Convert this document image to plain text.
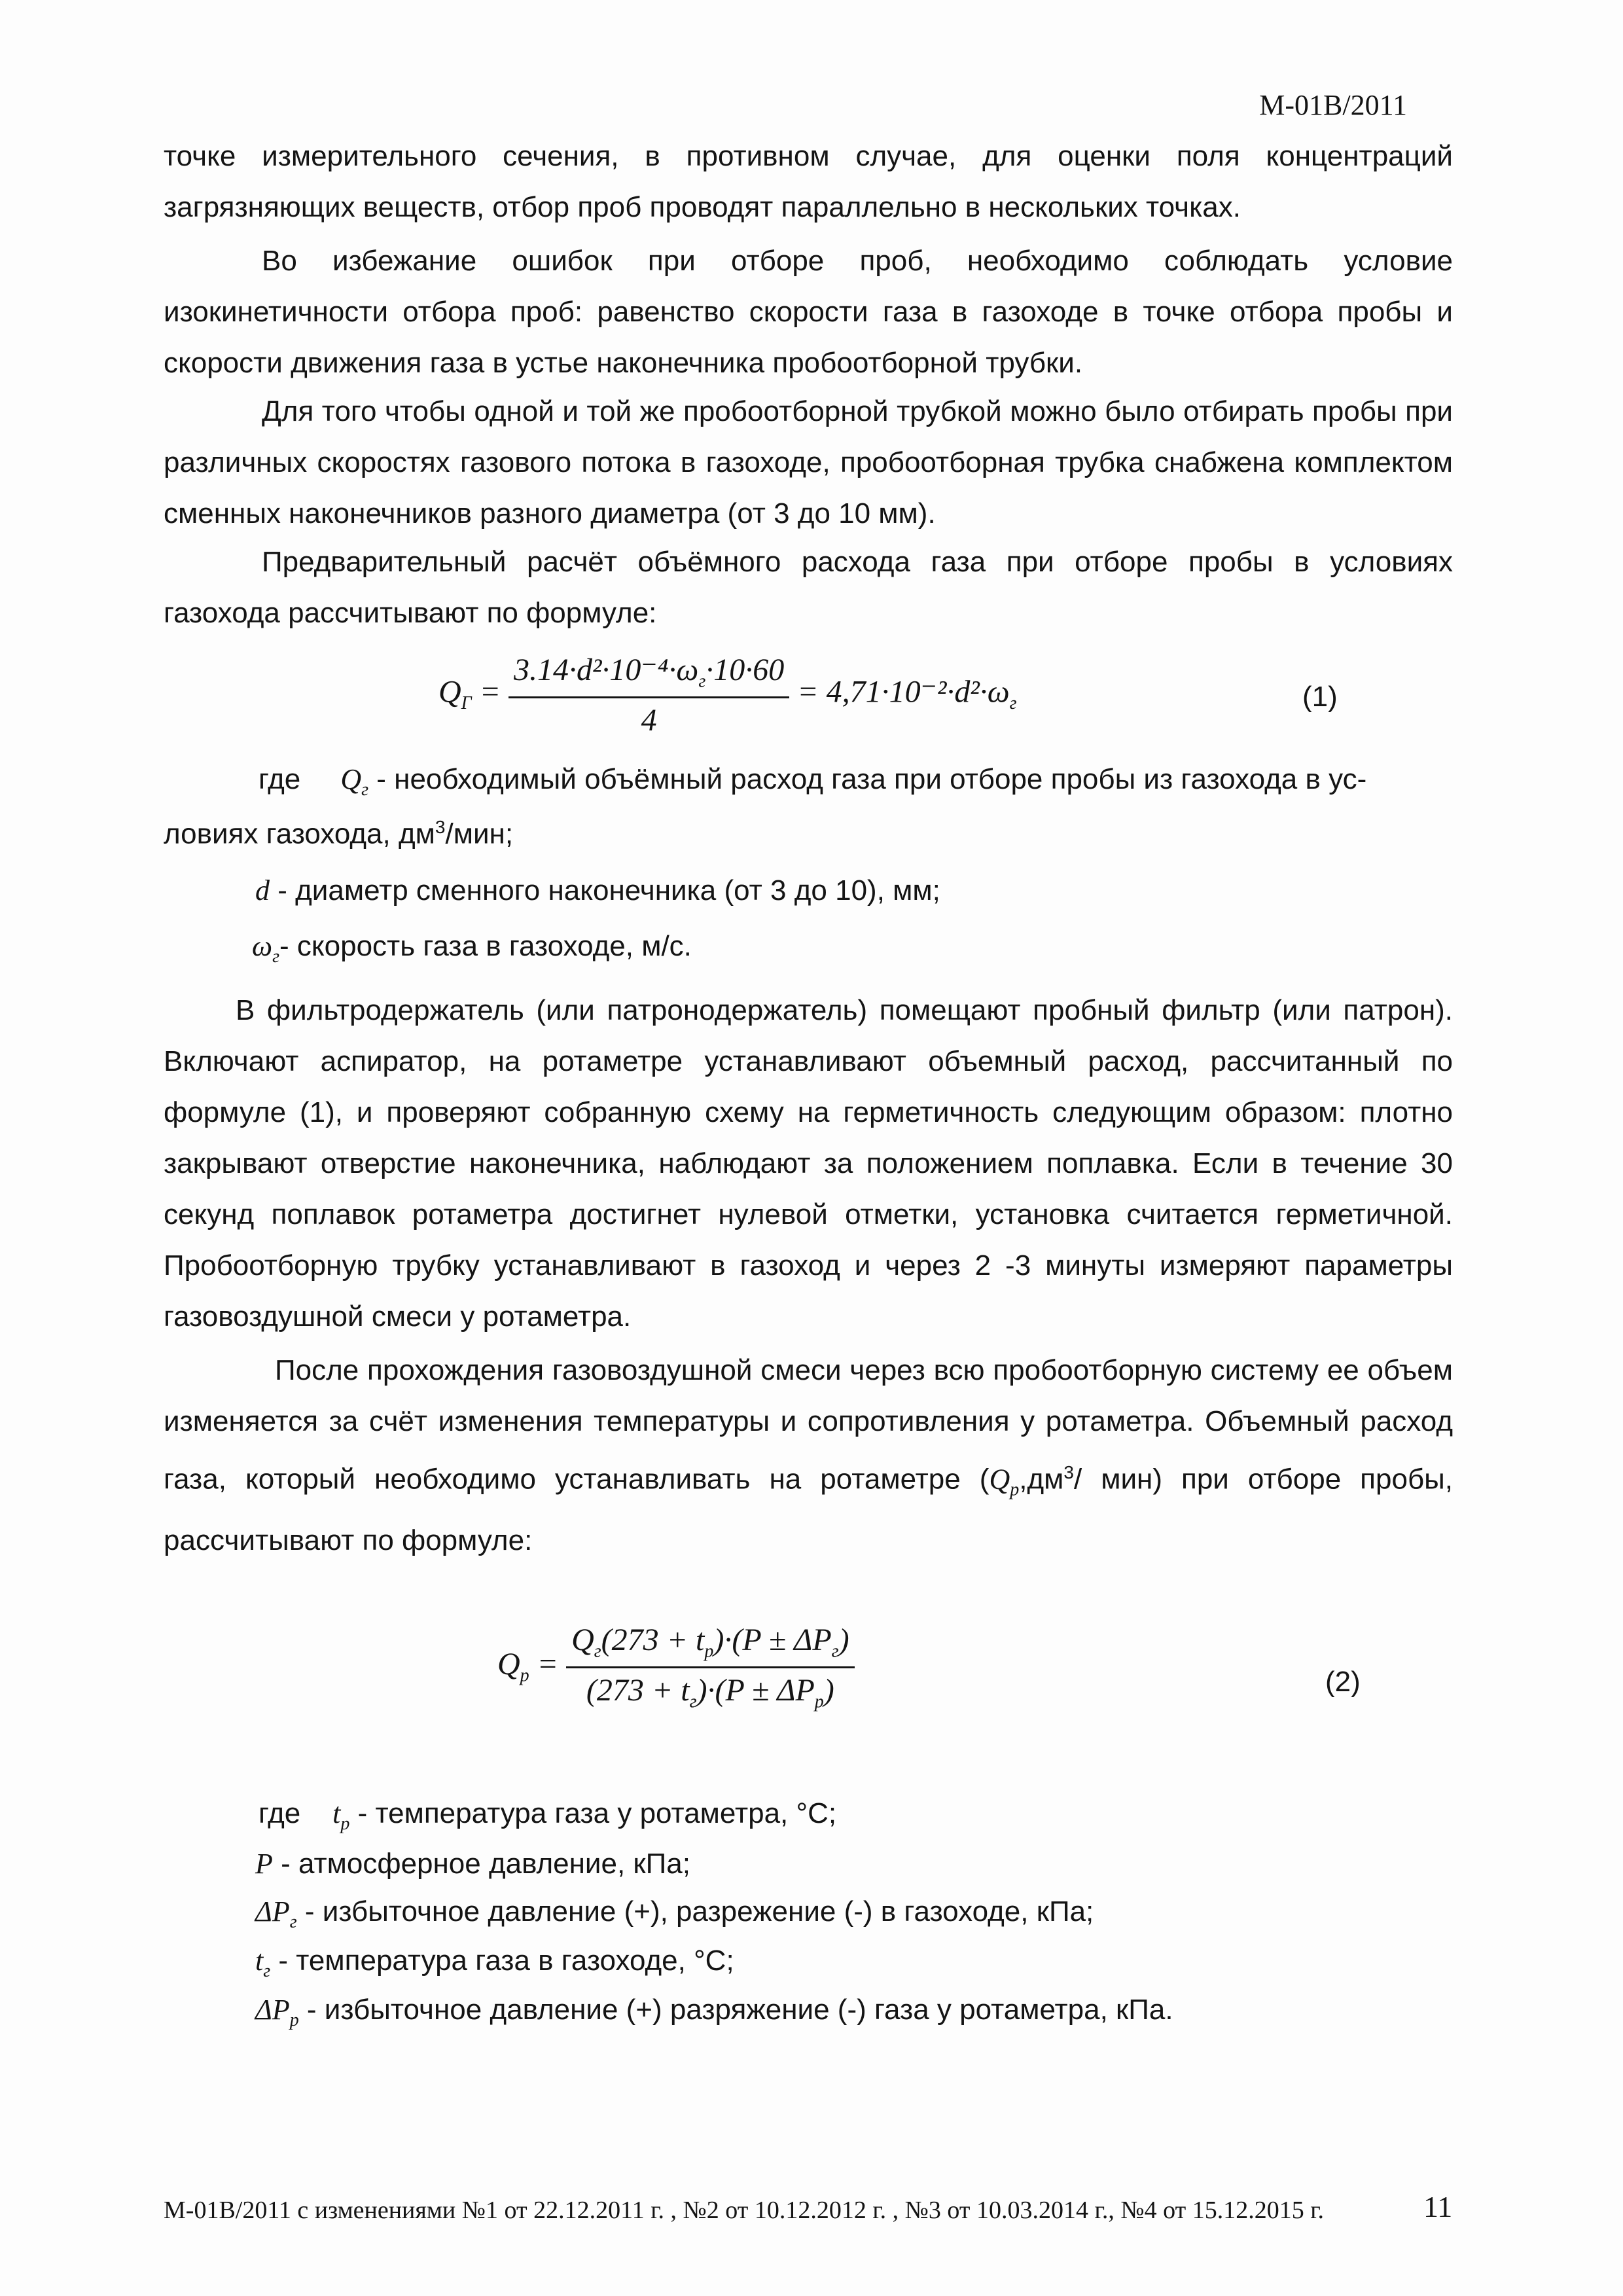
М-01В/2011

точке измерительного сечения, в противном случае, для оценки поля концентраций загрязняющих веществ, отбор проб проводят параллельно в нескольких точках.

Во избежание ошибок при отборе проб, необходимо соблюдать условие изокинетичности отбора проб: равенство скорости газа в газоходе в точке отбора пробы и скорости движения газа в устье наконечника пробоотборной трубки.

Для того чтобы одной и той же пробоотборной трубкой можно было отбирать пробы при различных скоростях газового потока в газоходе, пробоотборная трубка снабжена комплектом сменных наконечников разного диаметра (от 3 до 10 мм).

Предварительный расчёт объёмного расхода газа при отборе пробы в условиях газохода рассчитывают по формуле:

$Q_Г = \frac{3.14\cdot d^2\cdot 10^{-4}\cdot\omega_г\cdot 10\cdot 60}{4} = 4,71\cdot 10^{-2}\cdot d^2\cdot\omega_г$	(1)
где $Q_г$ - необходимый объёмный расход газа при отборе пробы из газохода в ус-
ловиях газохода, $дм^3$/мин;
d - диаметр сменного наконечника (от 3 до 10), мм;
$\omega_г-$ скорость газа в газоходе, м/с.

В фильтродержатель (или патронодержатель) помещают пробный фильтр (или патрон). Включают аспиратор, на ротаметре устанавливают объемный расход, рассчитанный по формуле (1), и проверяют собранную схему на герметичность следующим образом: плотно закрывают отверстие наконечника, наблюдают за положением поплавка. Если в течение 30 секунд поплавок ротаметра достигнет нулевой отметки, установка считается герметичной. Пробоотборную трубку устанавливают в газоход и через 2 -3 минуты измеряют параметры газовоздушной смеси у ротаметра.

После прохождения газовоздушной смеси через всю пробоотборную систему ее объем изменяется за счёт изменения температуры и сопротивления у ротаметра. Объемный расход газа, который необходимо устанавливать на ротаметре ($Q_p,дм^3/$ мин) при отборе пробы, рассчитывают по формуле:

$Q_p = \frac{Q_г(273 + t_p)\cdot(P \pm \Delta P_г)}{(273 + t_г)\cdot(P \pm \Delta P_p)}$	(2)
где $t_p$ - температура газа у ротаметра, °С;
P - атмосферное давление, кПа;
$\Delta P_г$ - избыточное давление (+), разрежение (-) в газоходе, кПа;
$t_г$ - температура газа в газоходе, °С;
$\Delta P_p$ - избыточное давление (+) разряжение (-) газа у ротаметра, кПа.
М-01В/2011 с изменениями №1 от 22.12.2011 г. , №2 от 10.12.2012 г. , №3 от 10.03.2014 г., №4 от 15.12.2015 г.	11
